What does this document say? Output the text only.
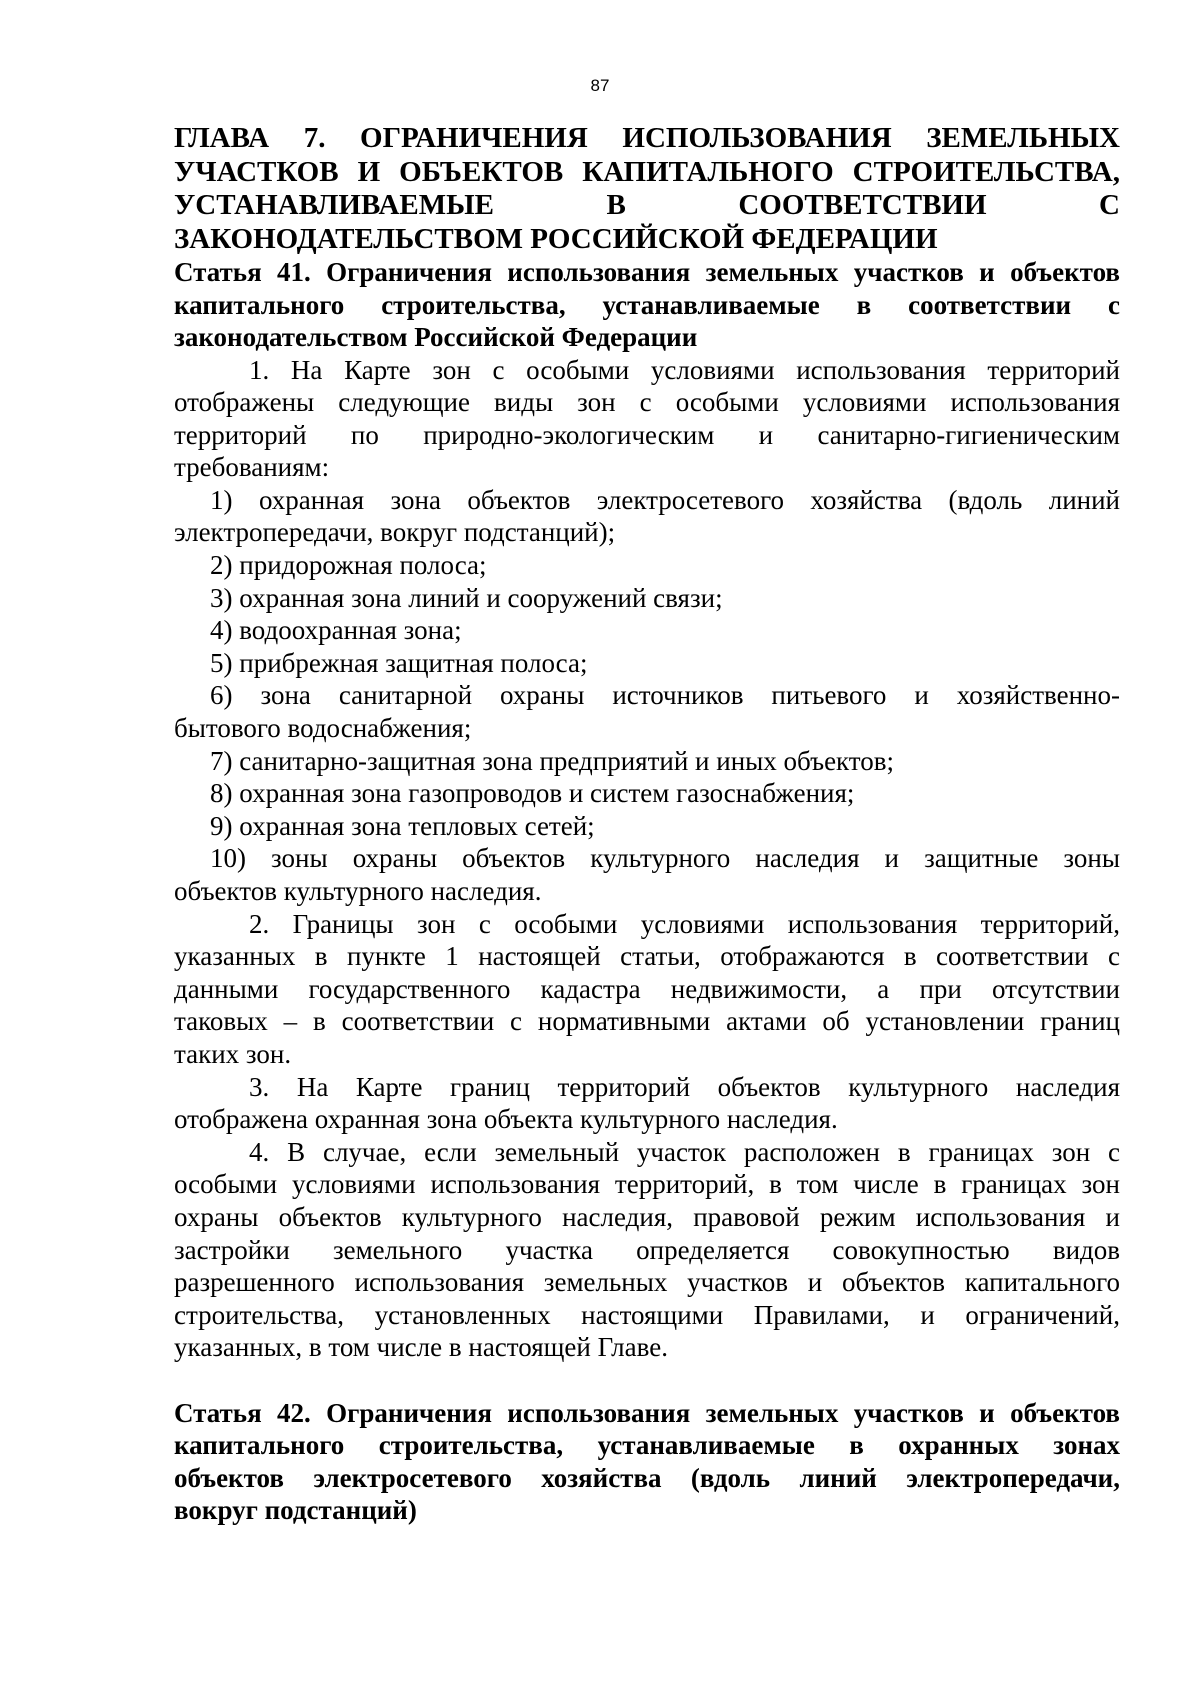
87
ГЛАВА 7. ОГРАНИЧЕНИЯ ИСПОЛЬЗОВАНИЯ ЗЕМЕЛЬНЫХ
УЧАСТКОВ И ОБЪЕКТОВ КАПИТАЛЬНОГО СТРОИТЕЛЬСТВА,
УСТАНАВЛИВАЕМЫЕ В СООТВЕТСТВИИ С
ЗАКОНОДАТЕЛЬСТВОМ РОССИЙСКОЙ ФЕДЕРАЦИИ
Статья 41. Ограничения использования земельных участков и объектов
капитального строительства, устанавливаемые в соответствии с
законодательством Российской Федерации

1. На Карте зон с особыми условиями использования территорий
отображены следующие виды зон с особыми условиями использования
территорий по природно-экологическим и санитарно-гигиеническим
требованиям:

1) охранная зона объектов электросетевого хозяйства (вдоль линий
электропередачи, вокруг подстанций);

2) придорожная полоса;

3) охранная зона линий и сооружений связи;

4) водоохранная зона;

5) прибрежная защитная полоса;

6) зона санитарной охраны источников питьевого и хозяйственно-
бытового водоснабжения;

7) санитарно-защитная зона предприятий и иных объектов;

8) охранная зона газопроводов и систем газоснабжения;

9) охранная зона тепловых сетей;

10) зоны охраны объектов культурного наследия и защитные зоны
объектов культурного наследия.

2. Границы зон с особыми условиями использования территорий,
указанных в пункте 1 настоящей статьи, отображаются в соответствии с
данными государственного кадастра недвижимости, а при отсутствии
таковых – в соответствии с нормативными актами об установлении границ
таких зон.

3. На Карте границ территорий объектов культурного наследия
отображена охранная зона объекта культурного наследия.

4. В случае, если земельный участок расположен в границах зон с
особыми условиями использования территорий, в том числе в границах зон
охраны объектов культурного наследия, правовой режим использования и
застройки земельного участка определяется совокупностью видов
разрешенного использования земельных участков и объектов капитального
строительства, установленных настоящими Правилами, и ограничений,
указанных, в том числе в настоящей Главе.

Статья 42. Ограничения использования земельных участков и объектов
капитального строительства, устанавливаемые в охранных зонах
объектов электросетевого хозяйства (вдоль линий электропередачи,
вокруг подстанций)
